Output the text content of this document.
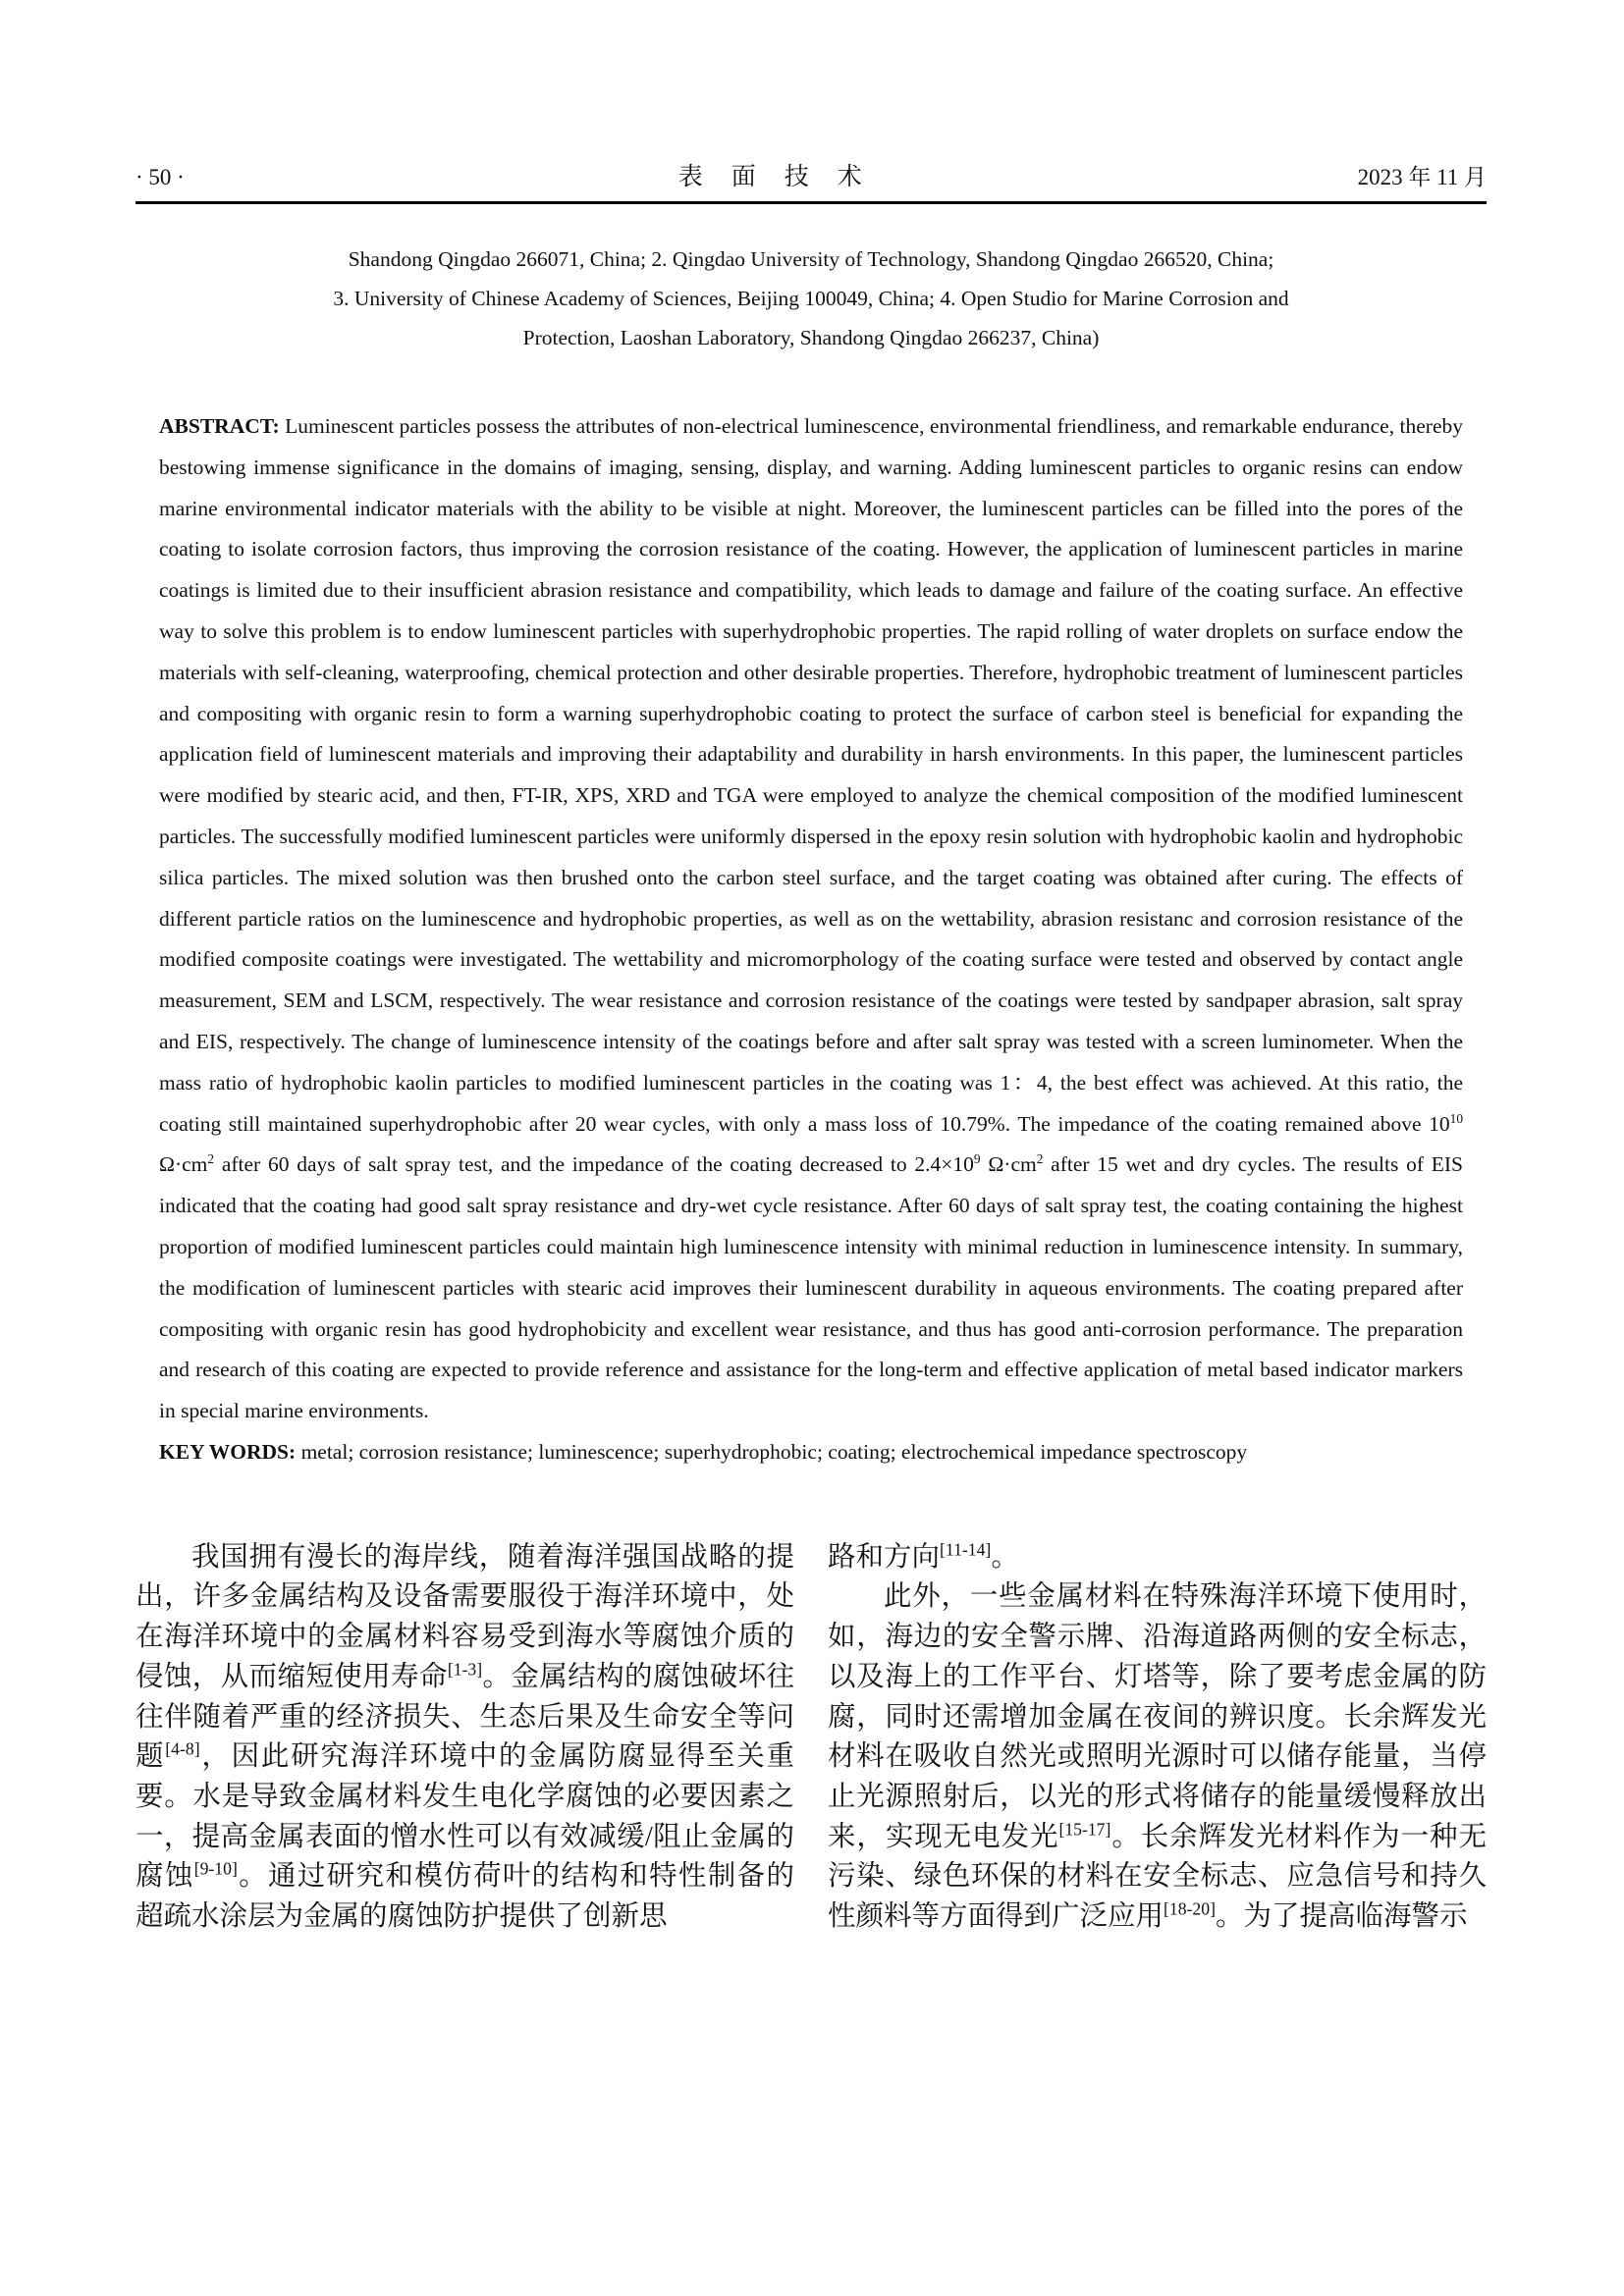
· 50 ·	表　面　技　术	2023 年 11 月
Shandong Qingdao 266071, China; 2. Qingdao University of Technology, Shandong Qingdao 266520, China;
3. University of Chinese Academy of Sciences, Beijing 100049, China; 4. Open Studio for Marine Corrosion and
Protection, Laoshan Laboratory, Shandong Qingdao 266237, China)

ABSTRACT: Luminescent particles possess the attributes of non-electrical luminescence, environmental friendliness, and remarkable endurance, thereby bestowing immense significance in the domains of imaging, sensing, display, and warning. Adding luminescent particles to organic resins can endow marine environmental indicator materials with the ability to be visible at night. Moreover, the luminescent particles can be filled into the pores of the coating to isolate corrosion factors, thus improving the corrosion resistance of the coating. However, the application of luminescent particles in marine coatings is limited due to their insufficient abrasion resistance and compatibility, which leads to damage and failure of the coating surface. An effective way to solve this problem is to endow luminescent particles with superhydrophobic properties. The rapid rolling of water droplets on surface endow the materials with self-cleaning, waterproofing, chemical protection and other desirable properties. Therefore, hydrophobic treatment of luminescent particles and compositing with organic resin to form a warning superhydrophobic coating to protect the surface of carbon steel is beneficial for expanding the application field of luminescent materials and improving their adaptability and durability in harsh environments. In this paper, the luminescent particles were modified by stearic acid, and then, FT-IR, XPS, XRD and TGA were employed to analyze the chemical composition of the modified luminescent particles. The successfully modified luminescent particles were uniformly dispersed in the epoxy resin solution with hydrophobic kaolin and hydrophobic silica particles. The mixed solution was then brushed onto the carbon steel surface, and the target coating was obtained after curing. The effects of different particle ratios on the luminescence and hydrophobic properties, as well as on the wettability, abrasion resistanc and corrosion resistance of the modified composite coatings were investigated. The wettability and micromorphology of the coating surface were tested and observed by contact angle measurement, SEM and LSCM, respectively. The wear resistance and corrosion resistance of the coatings were tested by sandpaper abrasion, salt spray and EIS, respectively. The change of luminescence intensity of the coatings before and after salt spray was tested with a screen luminometer. When the mass ratio of hydrophobic kaolin particles to modified luminescent particles in the coating was 1：4, the best effect was achieved. At this ratio, the coating still maintained superhydrophobic after 20 wear cycles, with only a mass loss of 10.79%. The impedance of the coating remained above $10^{10}$ $\Omega\cdot cm^2$ after 60 days of salt spray test, and the impedance of the coating decreased to $2.4\times 10^9$ $\Omega\cdot cm^2$ after 15 wet and dry cycles. The results of EIS indicated that the coating had good salt spray resistance and dry-wet cycle resistance. After 60 days of salt spray test, the coating containing the highest proportion of modified luminescent particles could maintain high luminescence intensity with minimal reduction in luminescence intensity. In summary, the modification of luminescent particles with stearic acid improves their luminescent durability in aqueous environments. The coating prepared after compositing with organic resin has good hydrophobicity and excellent wear resistance, and thus has good anti-corrosion performance. The preparation and research of this coating are expected to provide reference and assistance for the long-term and effective application of metal based indicator markers in special marine environments.

KEY WORDS: metal; corrosion resistance; luminescence; superhydrophobic; coating; electrochemical impedance spectroscopy

我国拥有漫长的海岸线，随着海洋强国战略的提出，许多金属结构及设备需要服役于海洋环境中，处在海洋环境中的金属材料容易受到海水等腐蚀介质的侵蚀，从而缩短使用寿命[1-3]。金属结构的腐蚀破坏往往伴随着严重的经济损失、生态后果及生命安全等问题[4-8]，因此研究海洋环境中的金属防腐显得至关重要。水是导致金属材料发生电化学腐蚀的必要因素之一，提高金属表面的憎水性可以有效减缓/阻止金属的腐蚀[9-10]。通过研究和模仿荷叶的结构和特性制备的超疏水涂层为金属的腐蚀防护提供了创新思

路和方向[11-14]。

此外，一些金属材料在特殊海洋环境下使用时，如，海边的安全警示牌、沿海道路两侧的安全标志，以及海上的工作平台、灯塔等，除了要考虑金属的防腐，同时还需增加金属在夜间的辨识度。长余辉发光材料在吸收自然光或照明光源时可以储存能量，当停止光源照射后，以光的形式将储存的能量缓慢释放出来，实现无电发光[15-17]。长余辉发光材料作为一种无污染、绿色环保的材料在安全标志、应急信号和持久性颜料等方面得到广泛应用[18-20]。为了提高临海警示
